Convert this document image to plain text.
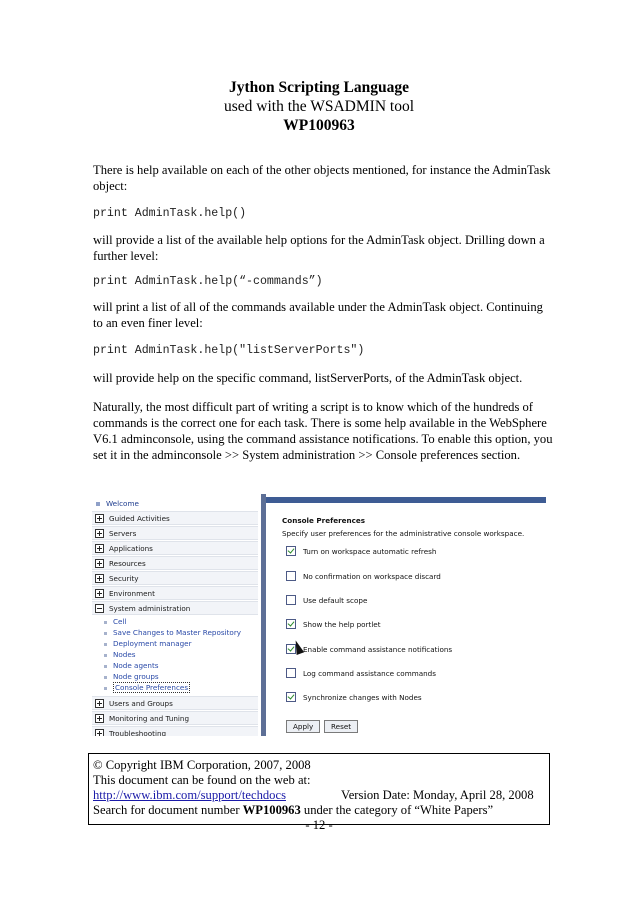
Jython Scripting Language
used with the WSADMIN tool
WP100963
There is help available on each of the other objects mentioned, for instance the AdminTask object:
print AdminTask.help()
will provide a list of the available help options for the AdminTask object. Drilling down a further level:
print AdminTask.help(“-commands”)
will print a list of all of the commands available under the AdminTask object. Continuing to an even finer level:
print AdminTask.help("listServerPorts")
will provide help on the specific command, listServerPorts, of the AdminTask object.
Naturally, the most difficult part of writing a script is to know which of the hundreds of commands is the correct one for each task. There is some help available in the WebSphere V6.1 adminconsole, using the command assistance notifications. To enable this option, you set it in the adminconsole >> System administration >> Console preferences section.
Welcome
Guided Activities
Servers
Applications
Resources
Security
Environment
System administration
Cell
Save Changes to Master Repository
Deployment manager
Nodes
Node agents
Node groups
Console Preferences
Users and Groups
Monitoring and Tuning
Troubleshooting
Console Preferences
Specify user preferences for the administrative console workspace.
Turn on workspace automatic refresh
No confirmation on workspace discard
Use default scope
Show the help portlet
Enable command assistance notifications
Log command assistance commands
Synchronize changes with Nodes
Apply	Reset
© Copyright IBM Corporation, 2007, 2008
This document can be found on the web at:
http://www.ibm.com/support/techdocs	Version Date: Monday, April 28, 2008
Search for document number WP100963 under the category of “White Papers”
- 12 -
